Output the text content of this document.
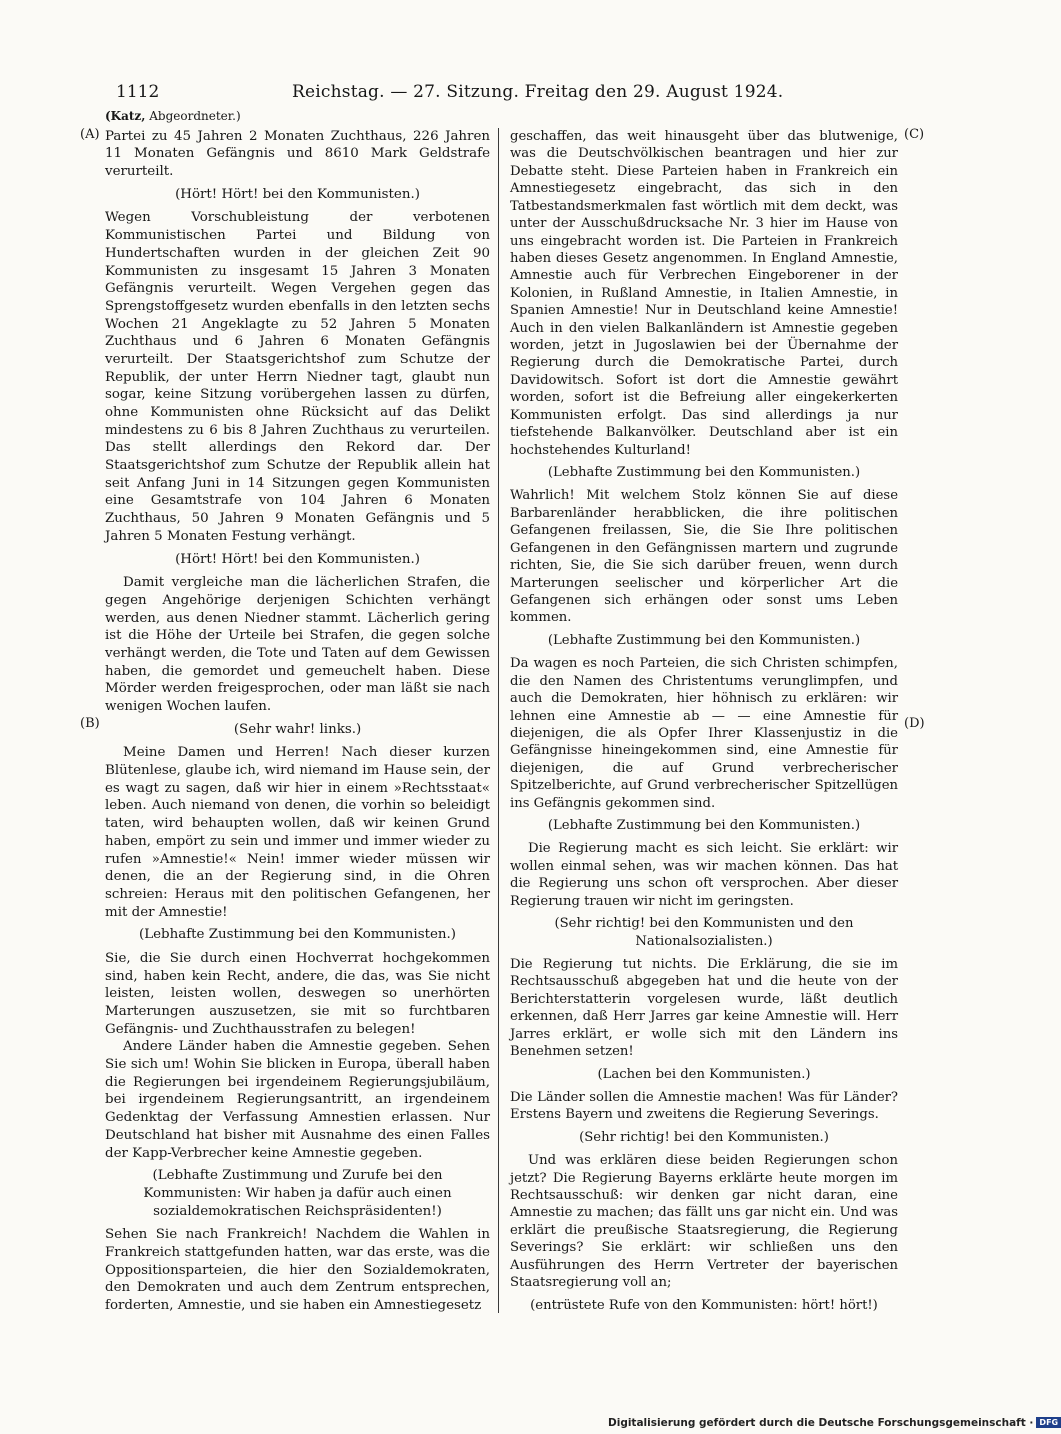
1112	Reichstag. — 27. Sitzung. Freitag den 29. August 1924.
(A)
(B)
(C)
(D)
(Katz, Abgeordneter.)

Partei zu 45 Jahren 2 Monaten Zuchthaus, 226 Jahren 11 Monaten Gefängnis und 8610 Mark Geldstrafe verurteilt.

(Hört! Hört! bei den Kommunisten.)

Wegen Vorschubleistung der verbotenen Kommunistischen Partei und Bildung von Hundertschaften wurden in der gleichen Zeit 90 Kommunisten zu insgesamt 15 Jahren 3 Monaten Gefängnis verurteilt. Wegen Vergehen gegen das Sprengstoffgesetz wurden ebenfalls in den letzten sechs Wochen 21 Angeklagte zu 52 Jahren 5 Monaten Zuchthaus und 6 Jahren 6 Monaten Gefängnis verurteilt. Der Staatsgerichtshof zum Schutze der Republik, der unter Herrn Niedner tagt, glaubt nun sogar, keine Sitzung vorübergehen lassen zu dürfen, ohne Kommunisten ohne Rücksicht auf das Delikt mindestens zu 6 bis 8 Jahren Zuchthaus zu verurteilen. Das stellt allerdings den Rekord dar. Der Staatsgerichtshof zum Schutze der Republik allein hat seit Anfang Juni in 14 Sitzungen gegen Kommunisten eine Gesamtstrafe von 104 Jahren 6 Monaten Zuchthaus, 50 Jahren 9 Monaten Gefängnis und 5 Jahren 5 Monaten Festung verhängt.

(Hört! Hört! bei den Kommunisten.)

Damit vergleiche man die lächerlichen Strafen, die gegen Angehörige derjenigen Schichten verhängt werden, aus denen Niedner stammt. Lächerlich gering ist die Höhe der Urteile bei Strafen, die gegen solche verhängt werden, die Tote und Taten auf dem Gewissen haben, die gemordet und gemeuchelt haben. Diese Mörder werden freigesprochen, oder man läßt sie nach wenigen Wochen laufen.

(Sehr wahr! links.)

Meine Damen und Herren! Nach dieser kurzen Blütenlese, glaube ich, wird niemand im Hause sein, der es wagt zu sagen, daß wir hier in einem »Rechtsstaat« leben. Auch niemand von denen, die vorhin so beleidigt taten, wird behaupten wollen, daß wir keinen Grund haben, empört zu sein und immer und immer wieder zu rufen »Amnestie!« Nein! immer wieder müssen wir denen, die an der Regierung sind, in die Ohren schreien: Heraus mit den politischen Gefangenen, her mit der Amnestie!

(Lebhafte Zustimmung bei den Kommunisten.)

Sie, die Sie durch einen Hochverrat hochgekommen sind, haben kein Recht, andere, die das, was Sie nicht leisten, leisten wollen, deswegen so unerhörten Marterungen auszusetzen, sie mit so furchtbaren Gefängnis- und Zuchthausstrafen zu belegen!

Andere Länder haben die Amnestie gegeben. Sehen Sie sich um! Wohin Sie blicken in Europa, überall haben die Regierungen bei irgendeinem Regierungsjubiläum, bei irgendeinem Regierungsantritt, an irgendeinem Gedenktag der Verfassung Amnestien erlassen. Nur Deutschland hat bisher mit Ausnahme des einen Falles der Kapp-Verbrecher keine Amnestie gegeben.

(Lebhafte Zustimmung und Zurufe bei den Kommunisten: Wir haben ja dafür auch einen sozialdemokratischen Reichspräsidenten!)

Sehen Sie nach Frankreich! Nachdem die Wahlen in Frankreich stattgefunden hatten, war das erste, was die Oppositionsparteien, die hier den Sozialdemokraten, den Demokraten und auch dem Zentrum entsprechen, forderten, Amnestie, und sie haben ein Amnestiegesetz

geschaffen, das weit hinausgeht über das blutwenige, was die Deutschvölkischen beantragen und hier zur Debatte steht. Diese Parteien haben in Frankreich ein Amnestiegesetz eingebracht, das sich in den Tatbestandsmerkmalen fast wörtlich mit dem deckt, was unter der Ausschußdrucksache Nr. 3 hier im Hause von uns eingebracht worden ist. Die Parteien in Frankreich haben dieses Gesetz angenommen. In England Amnestie, Amnestie auch für Verbrechen Eingeborener in der Kolonien, in Rußland Amnestie, in Italien Amnestie, in Spanien Amnestie! Nur in Deutschland keine Amnestie! Auch in den vielen Balkanländern ist Amnestie gegeben worden, jetzt in Jugoslawien bei der Übernahme der Regierung durch die Demokratische Partei, durch Davidowitsch. Sofort ist dort die Amnestie gewährt worden, sofort ist die Befreiung aller eingekerkerten Kommunisten erfolgt. Das sind allerdings ja nur tiefstehende Balkanvölker. Deutschland aber ist ein hochstehendes Kulturland!

(Lebhafte Zustimmung bei den Kommunisten.)

Wahrlich! Mit welchem Stolz können Sie auf diese Barbarenländer herabblicken, die ihre politischen Gefangenen freilassen, Sie, die Sie Ihre politischen Gefangenen in den Gefängnissen martern und zugrunde richten, Sie, die Sie sich darüber freuen, wenn durch Marterungen seelischer und körperlicher Art die Gefangenen sich erhängen oder sonst ums Leben kommen.

(Lebhafte Zustimmung bei den Kommunisten.)

Da wagen es noch Parteien, die sich Christen schimpfen, die den Namen des Christentums verunglimpfen, und auch die Demokraten, hier höhnisch zu erklären: wir lehnen eine Amnestie ab — — eine Amnestie für diejenigen, die als Opfer Ihrer Klassenjustiz in die Gefängnisse hineingekommen sind, eine Amnestie für diejenigen, die auf Grund verbrecherischer Spitzelberichte, auf Grund verbrecherischer Spitzellügen ins Gefängnis gekommen sind.

(Lebhafte Zustimmung bei den Kommunisten.)

Die Regierung macht es sich leicht. Sie erklärt: wir wollen einmal sehen, was wir machen können. Das hat die Regierung uns schon oft versprochen. Aber dieser Regierung trauen wir nicht im geringsten.

(Sehr richtig! bei den Kommunisten und den Nationalsozialisten.)

Die Regierung tut nichts. Die Erklärung, die sie im Rechtsausschuß abgegeben hat und die heute von der Berichterstatterin vorgelesen wurde, läßt deutlich erkennen, daß Herr Jarres gar keine Amnestie will. Herr Jarres erklärt, er wolle sich mit den Ländern ins Benehmen setzen!

(Lachen bei den Kommunisten.)

Die Länder sollen die Amnestie machen! Was für Länder? Erstens Bayern und zweitens die Regierung Severings.

(Sehr richtig! bei den Kommunisten.)

Und was erklären diese beiden Regierungen schon jetzt? Die Regierung Bayerns erklärte heute morgen im Rechtsausschuß: wir denken gar nicht daran, eine Amnestie zu machen; das fällt uns gar nicht ein. Und was erklärt die preußische Staatsregierung, die Regierung Severings? Sie erklärt: wir schließen uns den Ausführungen des Herrn Vertreter der bayerischen Staatsregierung voll an;

(entrüstete Rufe von den Kommunisten: hört! hört!)
Digitalisierung gefördert durch die Deutsche Forschungsgemeinschaft · DFG
